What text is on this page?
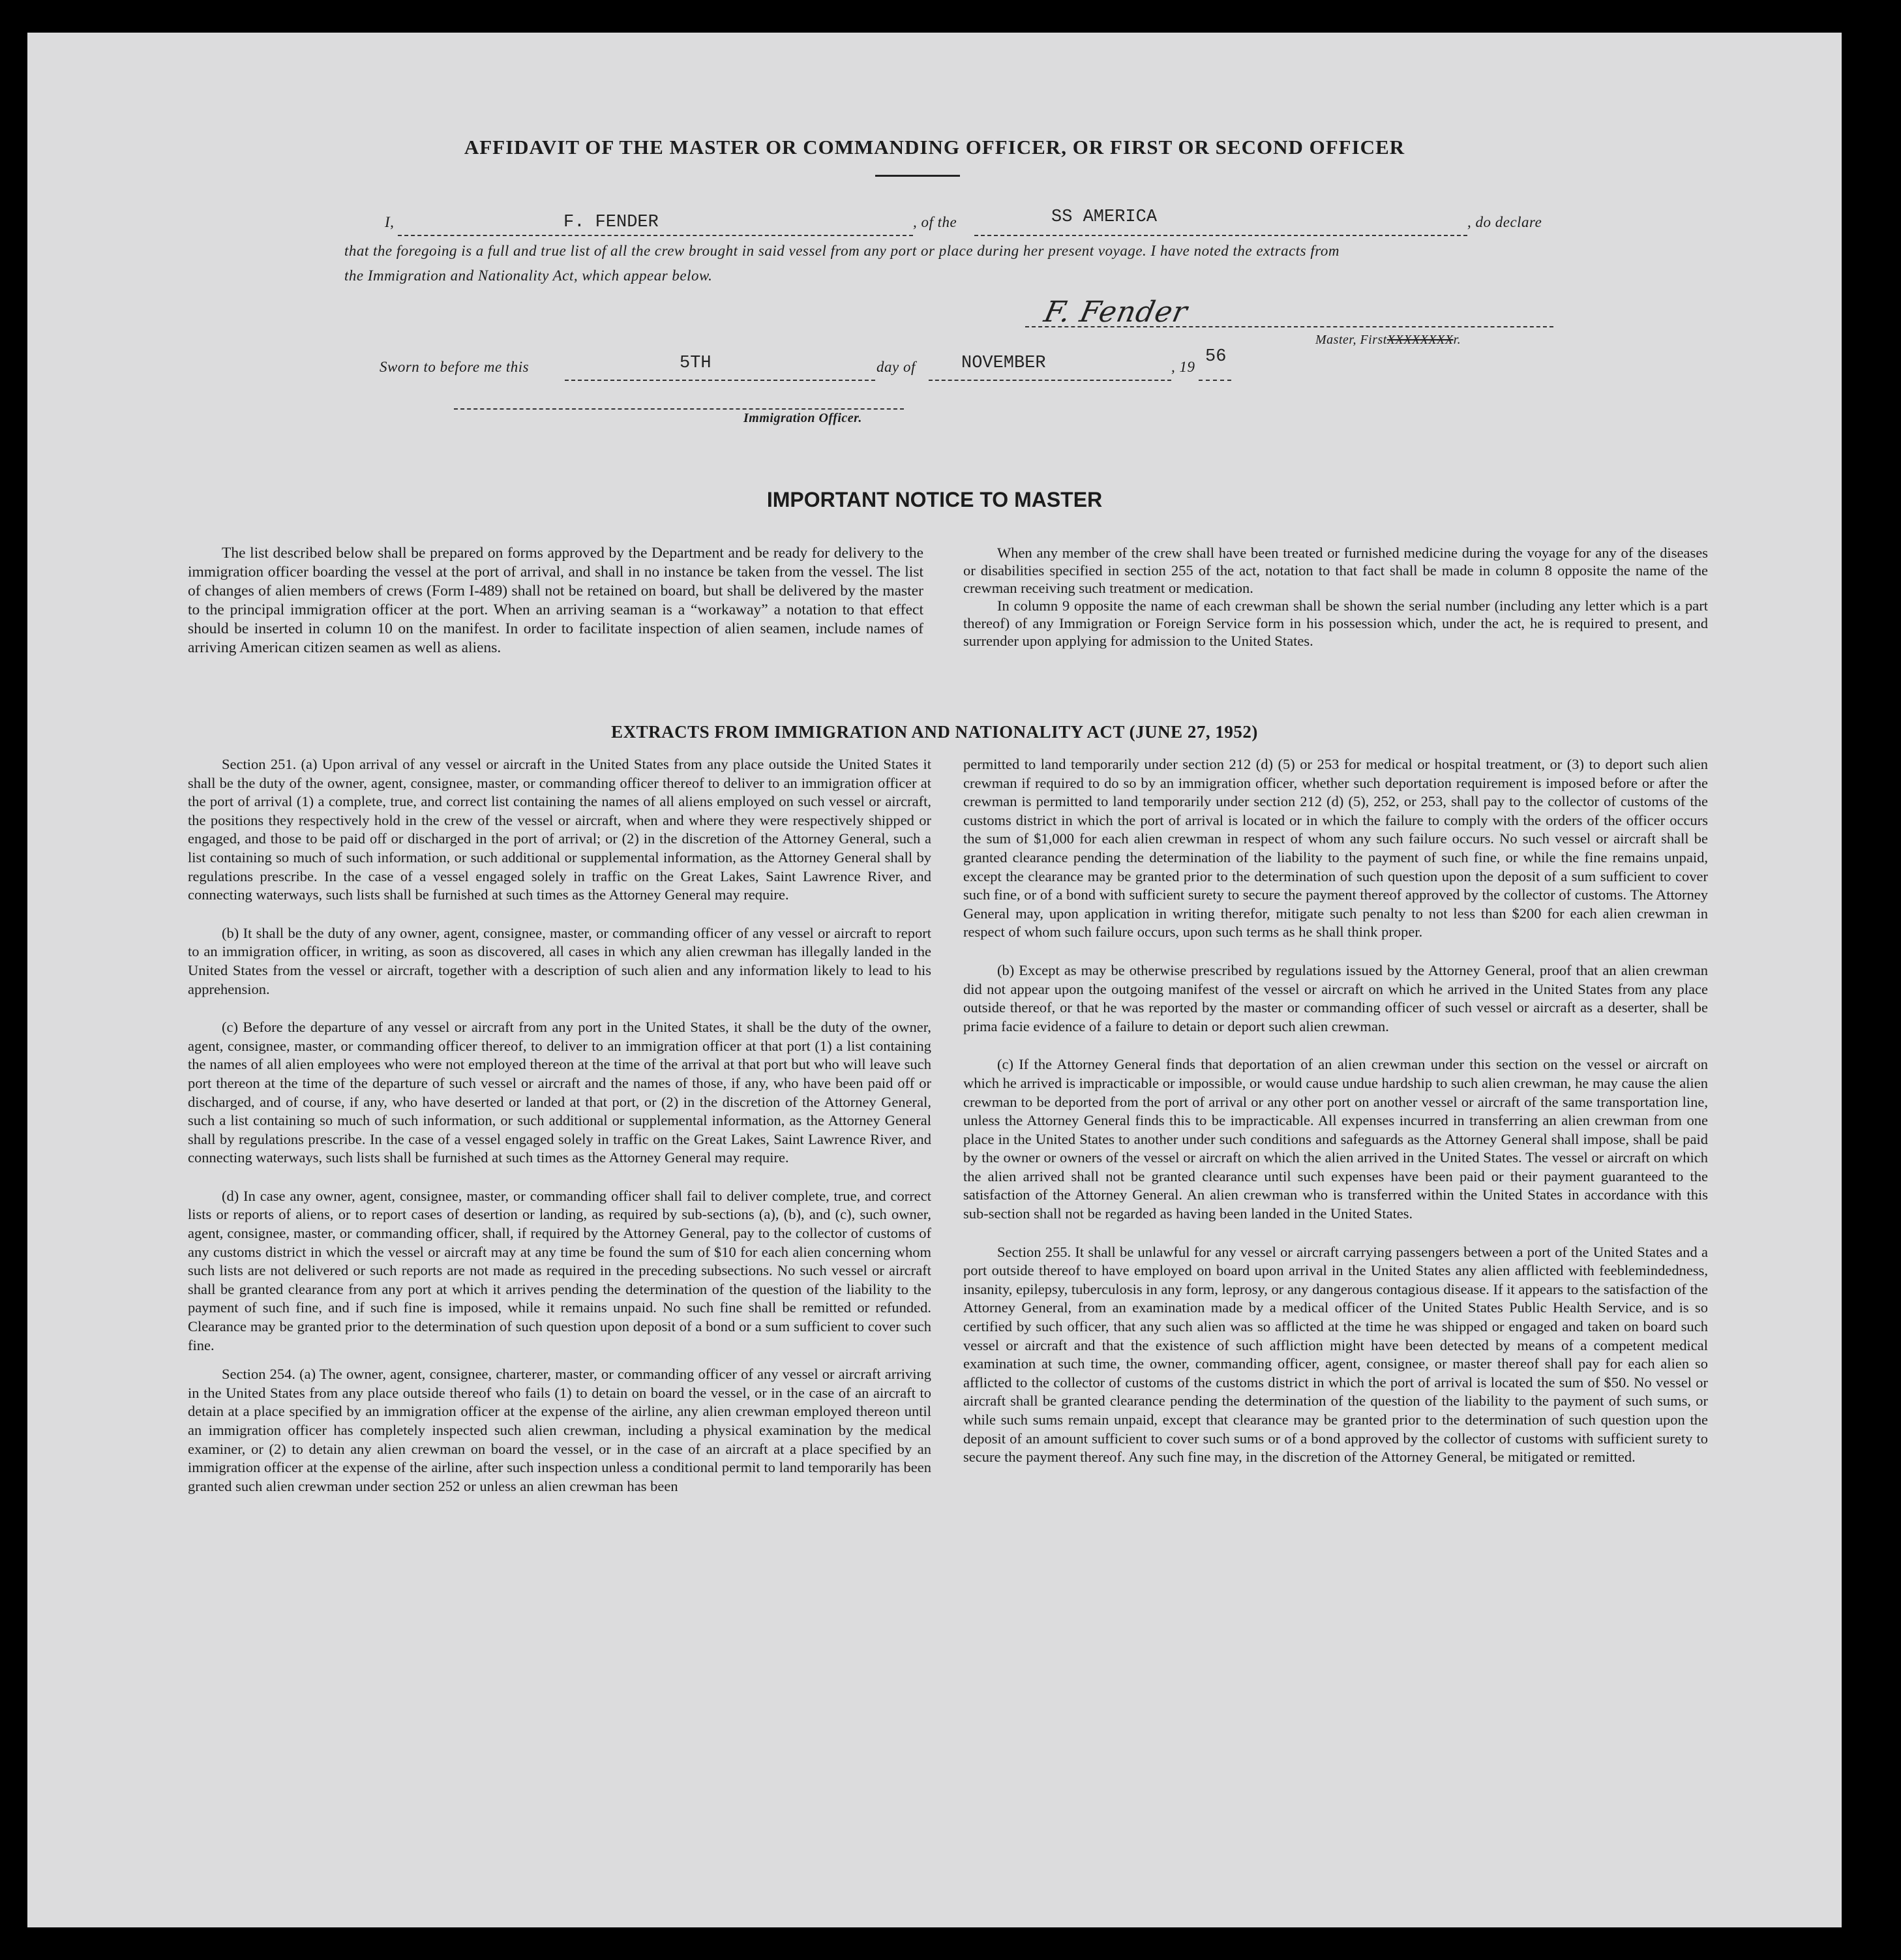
AFFIDAVIT OF THE MASTER OR COMMANDING OFFICER, OR FIRST OR SECOND OFFICER
I,	F. FENDER	, of the	SS AMERICA	, do declare
that the foregoing is a full and true list of all the crew brought in said vessel from any port or place during her present voyage. I have noted the extracts from
the Immigration and Nationality Act, which appear below.
F. Fender
Master, FirstXXXXXXXXr.
Sworn to before me this	5TH	day of	NOVEMBER	, 19
56
Immigration Officer.
IMPORTANT NOTICE TO MASTER

The list described below shall be prepared on forms approved by the Department and be ready for delivery to the immigration officer boarding the vessel at the port of arrival, and shall in no instance be taken from the vessel. The list of changes of alien members of crews (Form I-489) shall not be retained on board, but shall be delivered by the master to the principal immigration officer at the port. When an arriving seaman is a “workaway” a notation to that effect should be inserted in column 10 on the manifest. In order to facilitate inspection of alien seamen, include names of arriving American citizen seamen as well as aliens.

When any member of the crew shall have been treated or furnished medicine during the voyage for any of the diseases or disabilities specified in section 255 of the act, notation to that fact shall be made in column 8 opposite the name of the crewman receiving such treatment or medication.

In column 9 opposite the name of each crewman shall be shown the serial number (including any letter which is a part thereof) of any Immigration or Foreign Service form in his possession which, under the act, he is required to present, and surrender upon applying for admission to the United States.

EXTRACTS FROM IMMIGRATION AND NATIONALITY ACT (JUNE 27, 1952)

Section 251. (a) Upon arrival of any vessel or aircraft in the United States from any place outside the United States it shall be the duty of the owner, agent, consignee, master, or commanding officer thereof to deliver to an immigration officer at the port of arrival (1) a complete, true, and correct list containing the names of all aliens employed on such vessel or aircraft, the positions they respectively hold in the crew of the vessel or aircraft, when and where they were respectively shipped or engaged, and those to be paid off or discharged in the port of arrival; or (2) in the discretion of the Attorney General, such a list containing so much of such information, or such additional or supplemental information, as the Attorney General shall by regulations prescribe. In the case of a vessel engaged solely in traffic on the Great Lakes, Saint Lawrence River, and connecting waterways, such lists shall be furnished at such times as the Attorney General may require.

(b) It shall be the duty of any owner, agent, consignee, master, or commanding officer of any vessel or aircraft to report to an immigration officer, in writing, as soon as discovered, all cases in which any alien crewman has illegally landed in the United States from the vessel or aircraft, together with a description of such alien and any information likely to lead to his apprehension.

(c) Before the departure of any vessel or aircraft from any port in the United States, it shall be the duty of the owner, agent, consignee, master, or commanding officer thereof, to deliver to an immigration officer at that port (1) a list containing the names of all alien employees who were not employed thereon at the time of the arrival at that port but who will leave such port thereon at the time of the departure of such vessel or aircraft and the names of those, if any, who have been paid off or discharged, and of course, if any, who have deserted or landed at that port, or (2) in the discretion of the Attorney General, such a list containing so much of such information, or such additional or supplemental information, as the Attorney General shall by regulations prescribe. In the case of a vessel engaged solely in traffic on the Great Lakes, Saint Lawrence River, and connecting waterways, such lists shall be furnished at such times as the Attorney General may require.

(d) In case any owner, agent, consignee, master, or commanding officer shall fail to deliver complete, true, and correct lists or reports of aliens, or to report cases of desertion or landing, as required by sub-sections (a), (b), and (c), such owner, agent, consignee, master, or commanding officer, shall, if required by the Attorney General, pay to the collector of customs of any customs district in which the vessel or aircraft may at any time be found the sum of $10 for each alien concerning whom such lists are not delivered or such reports are not made as required in the preceding subsections. No such vessel or aircraft shall be granted clearance from any port at which it arrives pending the determination of the question of the liability to the payment of such fine, and if such fine is imposed, while it remains unpaid. No such fine shall be remitted or refunded. Clearance may be granted prior to the determination of such question upon deposit of a bond or a sum sufficient to cover such fine.

Section 254. (a) The owner, agent, consignee, charterer, master, or commanding officer of any vessel or aircraft arriving in the United States from any place outside thereof who fails (1) to detain on board the vessel, or in the case of an aircraft to detain at a place specified by an immigration officer at the expense of the airline, any alien crewman employed thereon until an immigration officer has completely inspected such alien crewman, including a physical examination by the medical examiner, or (2) to detain any alien crewman on board the vessel, or in the case of an aircraft at a place specified by an immigration officer at the expense of the airline, after such inspection unless a conditional permit to land temporarily has been granted such alien crewman under section 252 or unless an alien crewman has been

permitted to land temporarily under section 212 (d) (5) or 253 for medical or hospital treatment, or (3) to deport such alien crewman if required to do so by an immigration officer, whether such deportation requirement is imposed before or after the crewman is permitted to land temporarily under section 212 (d) (5), 252, or 253, shall pay to the collector of customs of the customs district in which the port of arrival is located or in which the failure to comply with the orders of the officer occurs the sum of $1,000 for each alien crewman in respect of whom any such failure occurs. No such vessel or aircraft shall be granted clearance pending the determination of the liability to the payment of such fine, or while the fine remains unpaid, except the clearance may be granted prior to the determination of such question upon the deposit of a sum sufficient to cover such fine, or of a bond with sufficient surety to secure the payment thereof approved by the collector of customs. The Attorney General may, upon application in writing therefor, mitigate such penalty to not less than $200 for each alien crewman in respect of whom such failure occurs, upon such terms as he shall think proper.

(b) Except as may be otherwise prescribed by regulations issued by the Attorney General, proof that an alien crewman did not appear upon the outgoing manifest of the vessel or aircraft on which he arrived in the United States from any place outside thereof, or that he was reported by the master or commanding officer of such vessel or aircraft as a deserter, shall be prima facie evidence of a failure to detain or deport such alien crewman.

(c) If the Attorney General finds that deportation of an alien crewman under this section on the vessel or aircraft on which he arrived is impracticable or impossible, or would cause undue hardship to such alien crewman, he may cause the alien crewman to be deported from the port of arrival or any other port on another vessel or aircraft of the same transportation line, unless the Attorney General finds this to be impracticable. All expenses incurred in transferring an alien crewman from one place in the United States to another under such conditions and safeguards as the Attorney General shall impose, shall be paid by the owner or owners of the vessel or aircraft on which the alien arrived in the United States. The vessel or aircraft on which the alien arrived shall not be granted clearance until such expenses have been paid or their payment guaranteed to the satisfaction of the Attorney General. An alien crewman who is transferred within the United States in accordance with this sub-section shall not be regarded as having been landed in the United States.

Section 255. It shall be unlawful for any vessel or aircraft carrying passengers between a port of the United States and a port outside thereof to have employed on board upon arrival in the United States any alien afflicted with feeblemindedness, insanity, epilepsy, tuberculosis in any form, leprosy, or any dangerous contagious disease. If it appears to the satisfaction of the Attorney General, from an examination made by a medical officer of the United States Public Health Service, and is so certified by such officer, that any such alien was so afflicted at the time he was shipped or engaged and taken on board such vessel or aircraft and that the existence of such affliction might have been detected by means of a competent medical examination at such time, the owner, commanding officer, agent, consignee, or master thereof shall pay for each alien so afflicted to the collector of customs of the customs district in which the port of arrival is located the sum of $50. No vessel or aircraft shall be granted clearance pending the determination of the question of the liability to the payment of such sums, or while such sums remain unpaid, except that clearance may be granted prior to the determination of such question upon the deposit of an amount sufficient to cover such sums or of a bond approved by the collector of customs with sufficient surety to secure the payment thereof. Any such fine may, in the discretion of the Attorney General, be mitigated or remitted.
